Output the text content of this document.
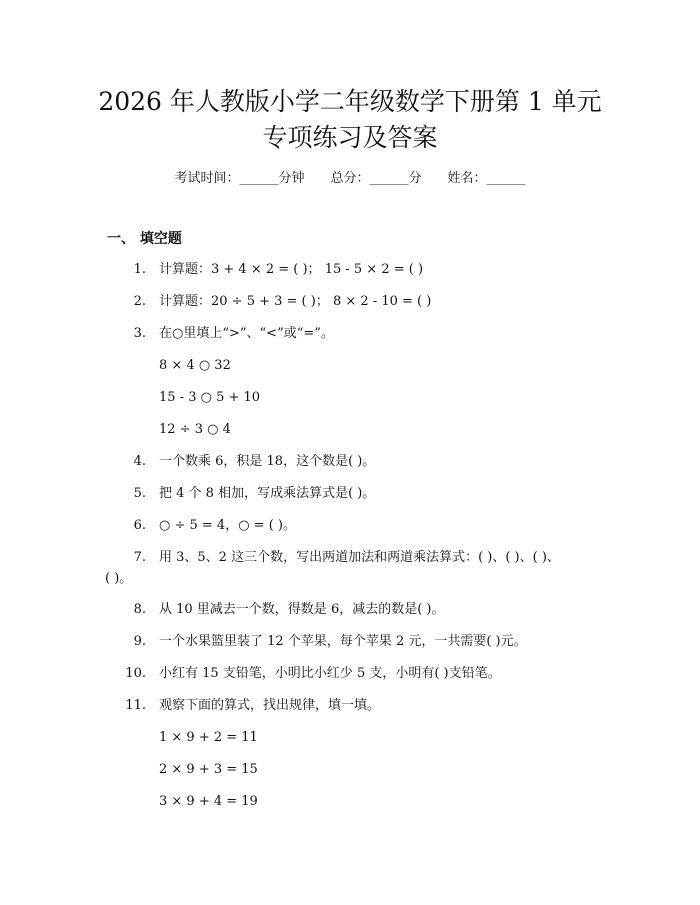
2026 年人教版小学二年级数学下册第 1 单元
专项练习及答案
考试时间：______分钟 总分：______分 姓名：______
一、 填空题
1. 计算题：3 + 4 × 2 = ( )； 15 - 5 × 2 = ( )
2. 计算题：20 ÷ 5 + 3 = ( )； 8 × 2 - 10 = ( )
3. 在○里填上“>”、“<”或“=”。
8 × 4 ○ 32
15 - 3 ○ 5 + 10
12 ÷ 3 ○ 4
4. 一个数乘 6，积是 18，这个数是( )。
5. 把 4 个 8 相加，写成乘法算式是( )。
6. ○ ÷ 5 = 4，○ = ( )。
7. 用 3、5、2 这三个数，写出两道加法和两道乘法算式：( )、( )、( )、
( )。
8. 从 10 里减去一个数，得数是 6，减去的数是( )。
9. 一个水果篮里装了 12 个苹果，每个苹果 2 元，一共需要( )元。
10. 小红有 15 支铅笔，小明比小红少 5 支，小明有( )支铅笔。
11. 观察下面的算式，找出规律，填一填。
1 × 9 + 2 = 11
2 × 9 + 3 = 15
3 × 9 + 4 = 19
